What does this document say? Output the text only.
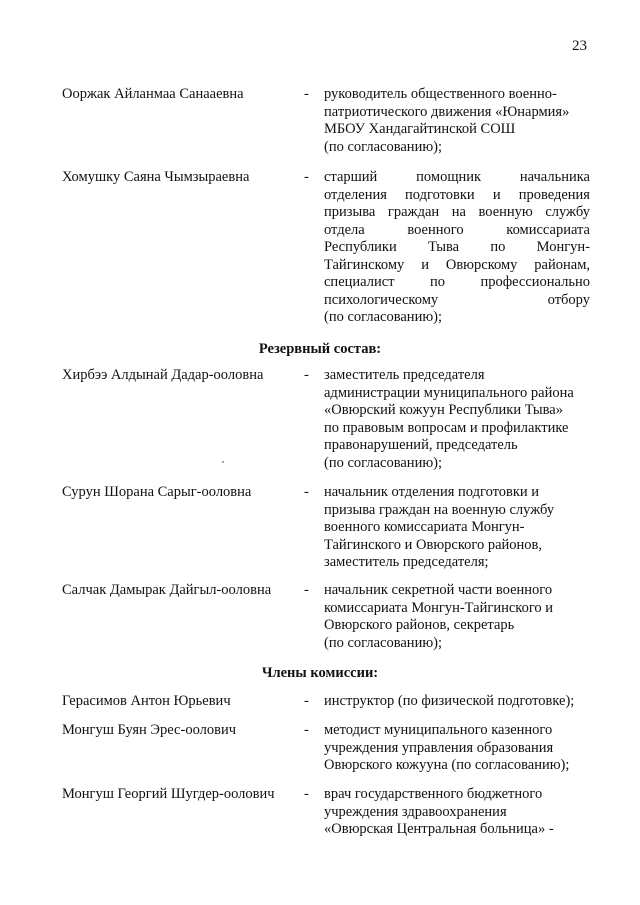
23
Ооржак Айланмаа Санааевна	- руководитель общественного военно-
патриотического движения «Юнармия»
МБОУ Хандагайтинской СОШ
(по согласованию);
Хомушку Саяна Чымзыраевна	- старший	помощник	начальника
отделения подготовки и проведения
призыва граждан на военную службу
отдела	военного	комиссариата
Республики Тыва по Монгун-
Тайгинскому и Овюрскому районам,
специалист по профессионально
психологическому	отбору
(по согласованию);
Резервный состав:
Хирбээ Алдынай Дадар-ооловна	- заместитель председателя
администрации муниципального района
«Овюрский кожуун Республики Тыва»
по правовым вопросам и профилактике
правонарушений, председатель
(по согласованию);
Сурун Шорана Сарыг-ооловна	- начальник отделения подготовки и
призыва граждан на военную службу
военного комиссариата Монгун-
Тайгинского и Овюрского районов,
заместитель председателя;
Салчак Дамырак Дайгыл-ооловна	- начальник секретной части военного
комиссариата Монгун-Тайгинского и
Овюрского районов, секретарь
(по согласованию);
Члены комиссии:
Герасимов Антон Юрьевич	- инструктор (по физической подготовке);
Монгуш Буян Эрес-оолович	- методист муниципального казенного
учреждения управления образования
Овюрского кожууна (по согласованию);
Монгуш Георгий Шугдер-оолович	- врач государственного бюджетного
учреждения здравоохранения
«Овюрская Центральная больница» -
